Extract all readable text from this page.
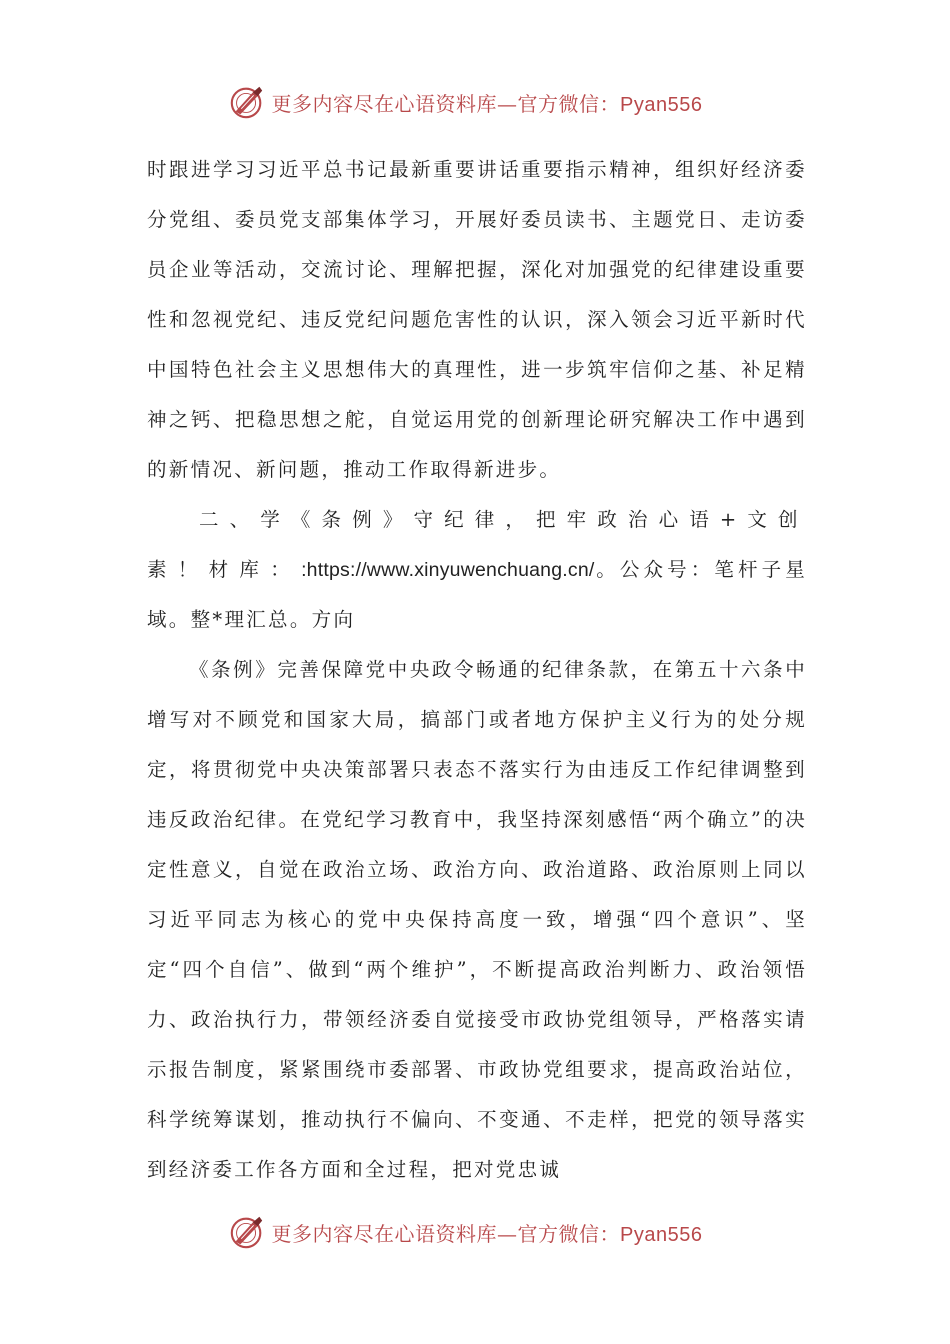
更多内容尽在心语资料库—官方微信：Pyan556

时跟进学习习近平总书记最新重要讲话重要指示精神，组织好经济委分党组、委员党支部集体学习，开展好委员读书、主题党日、走访委员企业等活动，交流讨论、理解把握，深化对加强党的纪律建设重要性和忽视党纪、违反党纪问题危害性的认识，深入领会习近平新时代中国特色社会主义思想伟大的真理性，进一步筑牢信仰之基、补足精神之钙、把稳思想之舵，自觉运用党的创新理论研究解决工作中遇到的新情况、新问题，推动工作取得新进步。

二、学《条例》守纪律，把牢政治心语+文创素！材库：:https://www.xinyuwenchuang.cn/。公众号：笔杆子星域。整*理汇总。方向

《条例》完善保障党中央政令畅通的纪律条款，在第五十六条中增写对不顾党和国家大局，搞部门或者地方保护主义行为的处分规定，将贯彻党中央决策部署只表态不落实行为由违反工作纪律调整到违反政治纪律。在党纪学习教育中，我坚持深刻感悟“两个确立”的决定性意义，自觉在政治立场、政治方向、政治道路、政治原则上同以习近平同志为核心的党中央保持高度一致，增强“四个意识”、坚定“四个自信”、做到“两个维护”，不断提高政治判断力、政治领悟力、政治执行力，带领经济委自觉接受市政协党组领导，严格落实请示报告制度，紧紧围绕市委部署、市政协党组要求，提高政治站位，科学统筹谋划，推动执行不偏向、不变通、不走样，把党的领导落实到经济委工作各方面和全过程，把对党忠诚

更多内容尽在心语资料库—官方微信：Pyan556
